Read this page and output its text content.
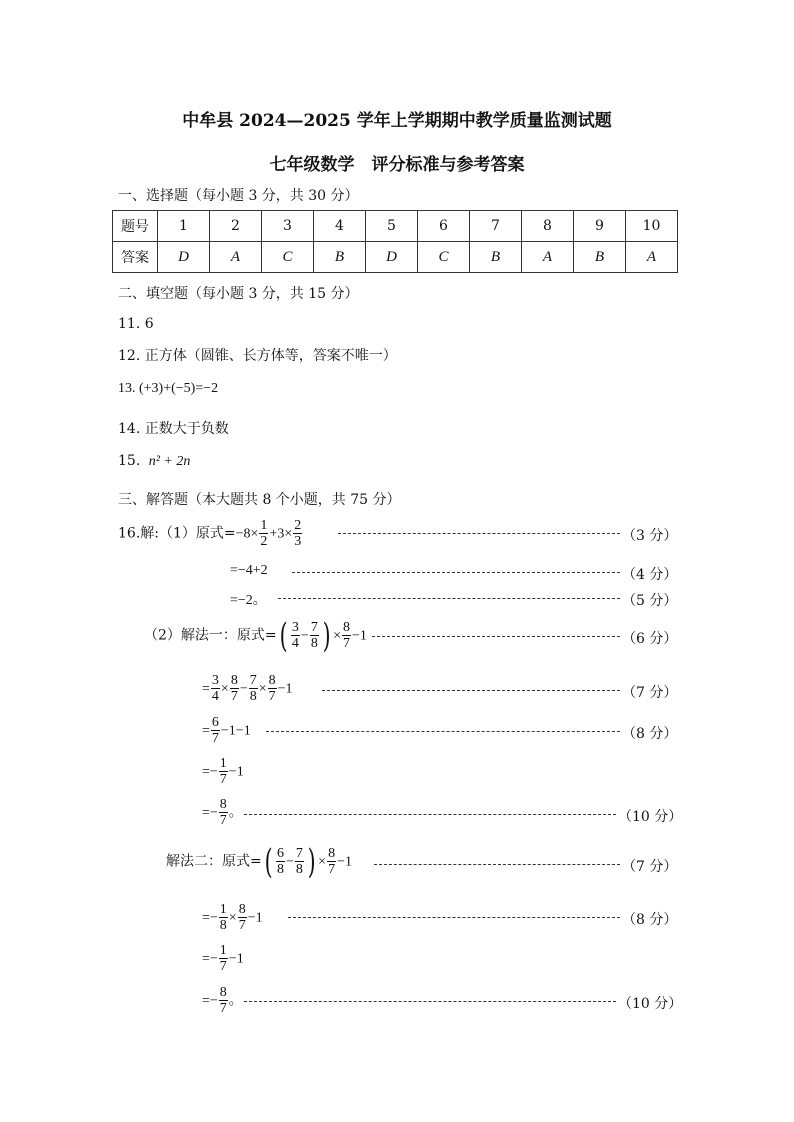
中牟县 2024—2025 学年上学期期中教学质量监测试题
七年级数学　评分标准与参考答案
一、选择题（每小题 3 分，共 30 分）
题号	1	2	3	4	5	6	7	8	9	10
答案	D	A	C	B	D	C	B	A	B	A
二、填空题（每小题 3 分，共 15 分）
11. 6
12. 正方体（圆锥、长方体等，答案不唯一）
13. (+3)+(−5)=−2
14. 正数大于负数
15. n² + 2n
三、解答题（本大题共 8 个小题，共 75 分）
16.解:（1）原式$=-8\times \frac{1}{2} +3\times \frac{2}{3}$	（3 分）
=−4+2	（4 分）
=−2。	（5 分）
（2）解法一：原式=( $\frac{3}{4} - \frac{7}{8}$ ) × $\frac{8}{7} -1$	（6 分）
= $\frac{3}{4} \times \frac{8}{7} - \frac{7}{8} \times \frac{8}{7} -1$	（7 分）
= $\frac{6}{7} -1-1$	（8 分）
=− $\frac{1}{7} -1$
=− $\frac{8}{7}$ 。	（10 分）
解法二：原式=( $\frac{6}{8} - \frac{7}{8}$ ) × $\frac{8}{7} -1$	（7 分）
=− $\frac{1}{8} \times \frac{8}{7} -1$	（8 分）
=− $\frac{1}{7} -1$
=− $\frac{8}{7}$ 。	（10 分）
